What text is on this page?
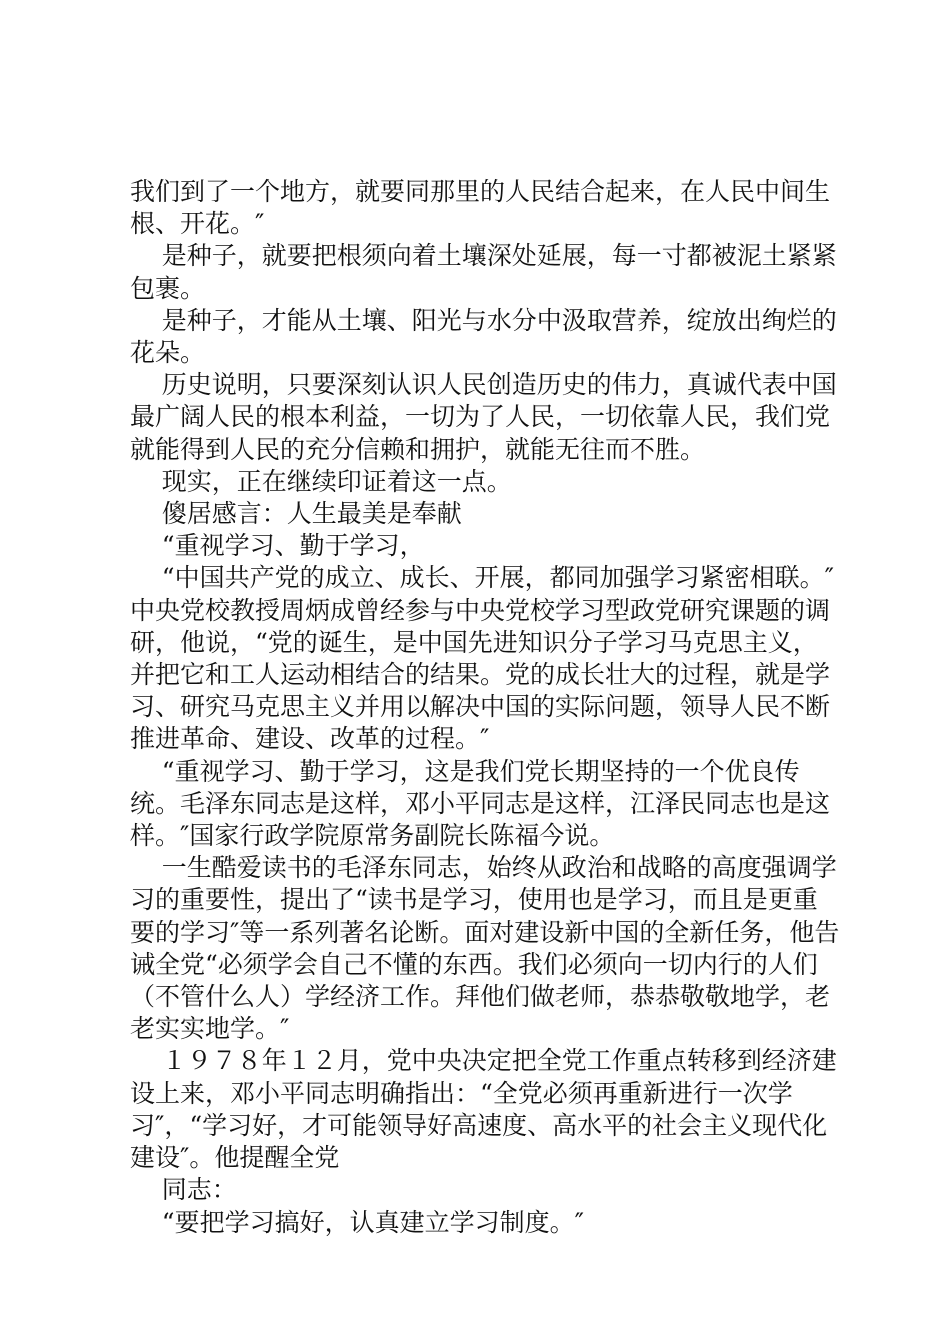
我们到了一个地方，就要同那里的人民结合起来，在人民中间生根、开花。″

是种子，就要把根须向着土壤深处延展，每一寸都被泥土紧紧包裹。

是种子，才能从土壤、阳光与水分中汲取营养，绽放出绚烂的花朵。

历史说明，只要深刻认识人民创造历史的伟力，真诚代表中国最广阔人民的根本利益，一切为了人民，一切依靠人民，我们党就能得到人民的充分信赖和拥护，就能无往而不胜。

现实，正在继续印证着这一点。

傻居感言：人生最美是奉献

“重视学习、勤于学习，

“中国共产党的成立、成长、开展，都同加强学习紧密相联。″中央党校教授周炳成曾经参与中央党校学习型政党研究课题的调研，他说，“党的诞生，是中国先进知识分子学习马克思主义，并把它和工人运动相结合的结果。党的成长壮大的过程，就是学习、研究马克思主义并用以解决中国的实际问题，领导人民不断推进革命、建设、改革的过程。″

“重视学习、勤于学习，这是我们党长期坚持的一个优良传统。毛泽东同志是这样，邓小平同志是这样，江泽民同志也是这样。″国家行政学院原常务副院长陈福今说。

一生酷爱读书的毛泽东同志，始终从政治和战略的高度强调学习的重要性，提出了“读书是学习，使用也是学习，而且是更重要的学习″等一系列著名论断。面对建设新中国的全新任务，他告诫全党“必须学会自己不懂的东西。我们必须向一切内行的人们（不管什么人）学经济工作。拜他们做老师，恭恭敬敬地学，老老实实地学。″

１９７８年１２月，党中央决定把全党工作重点转移到经济建设上来，邓小平同志明确指出：“全党必须再重新进行一次学习″，“学习好，才可能领导好高速度、高水平的社会主义现代化建设″。他提醒全党

同志：

“要把学习搞好，认真建立学习制度。″
